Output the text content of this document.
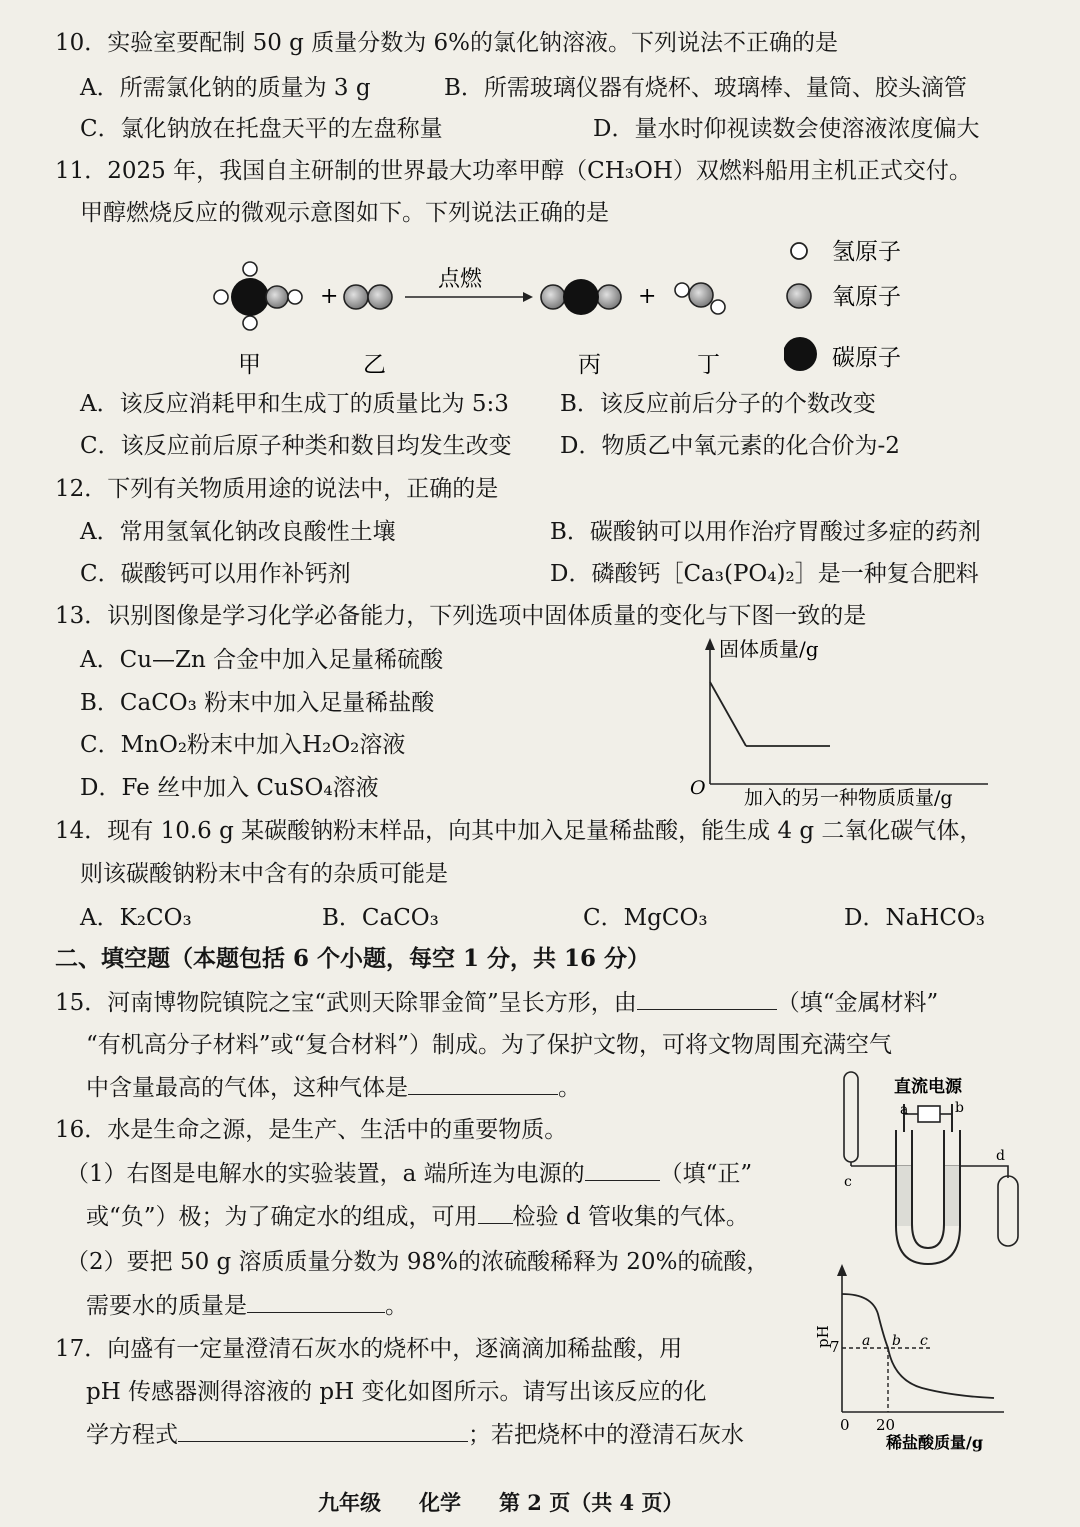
10．实验室要配制 50 g 质量分数为 6%的氯化钠溶液。下列说法不正确的是
A．所需氯化钠的质量为 3 g	B．所需玻璃仪器有烧杯、玻璃棒、量筒、胶头滴管
C．氯化钠放在托盘天平的左盘称量	D．量水时仰视读数会使溶液浓度偏大
11．2025 年，我国自主研制的世界最大功率甲醇（CH₃OH）双燃料船用主机正式交付。
甲醇燃烧反应的微观示意图如下。下列说法正确的是
+
点燃
+
甲	乙	丙	丁
氢原子
氧原子
碳原子
A．该反应消耗甲和生成丁的质量比为 5:3 B．该反应前后分子的个数改变
C．该反应前后原子种类和数目均发生改变 D．物质乙中氧元素的化合价为-2
12．下列有关物质用途的说法中，正确的是
A．常用氢氧化钠改良酸性土壤	B．碳酸钠可以用作治疗胃酸过多症的药剂
C．碳酸钙可以用作补钙剂	D．磷酸钙［Ca₃(PO₄)₂］是一种复合肥料
13．识别图像是学习化学必备能力，下列选项中固体质量的变化与下图一致的是
A．Cu—Zn 合金中加入足量稀硫酸
B．CaCO₃ 粉末中加入足量稀盐酸
C．MnO₂粉末中加入H₂O₂溶液
D．Fe 丝中加入 CuSO₄溶液
固体质量/g
O 加入的另一种物质质量/g
14．现有 10.6 g 某碳酸钠粉末样品，向其中加入足量稀盐酸，能生成 4 g 二氧化碳气体，
则该碳酸钠粉末中含有的杂质可能是
A．K₂CO₃	B．CaCO₃	C．MgCO₃	D．NaHCO₃
二、填空题（本题包括 6 个小题，每空 1 分，共 16 分）
15．河南博物院镇院之宝“武则天除罪金简”呈长方形，由	（填“金属材料”
“有机高分子材料”或“复合材料”）制成。为了保护文物，可将文物周围充满空气
中含量最高的气体，这种气体是	。
16．水是生命之源，是生产、生活中的重要物质。
（1）右图是电解水的实验装置，a 端所连为电源的	（填“正”
或“负”）极；为了确定水的组成，可用 检验 d 管收集的气体。
（2）要把 50 g 溶质质量分数为 98%的浓硫酸稀释为 20%的硫酸，
需要水的质量是	。
直流电源
a	b
c
d
17．向盛有一定量澄清石灰水的烧杯中，逐滴滴加稀盐酸，用
pH 传感器测得溶液的 pH 变化如图所示。请写出该反应的化
学方程式	；若把烧杯中的澄清石灰水
pH
7 a b c
0 20
稀盐酸质量/g
九年级 化学 第 2 页（共 4 页）
